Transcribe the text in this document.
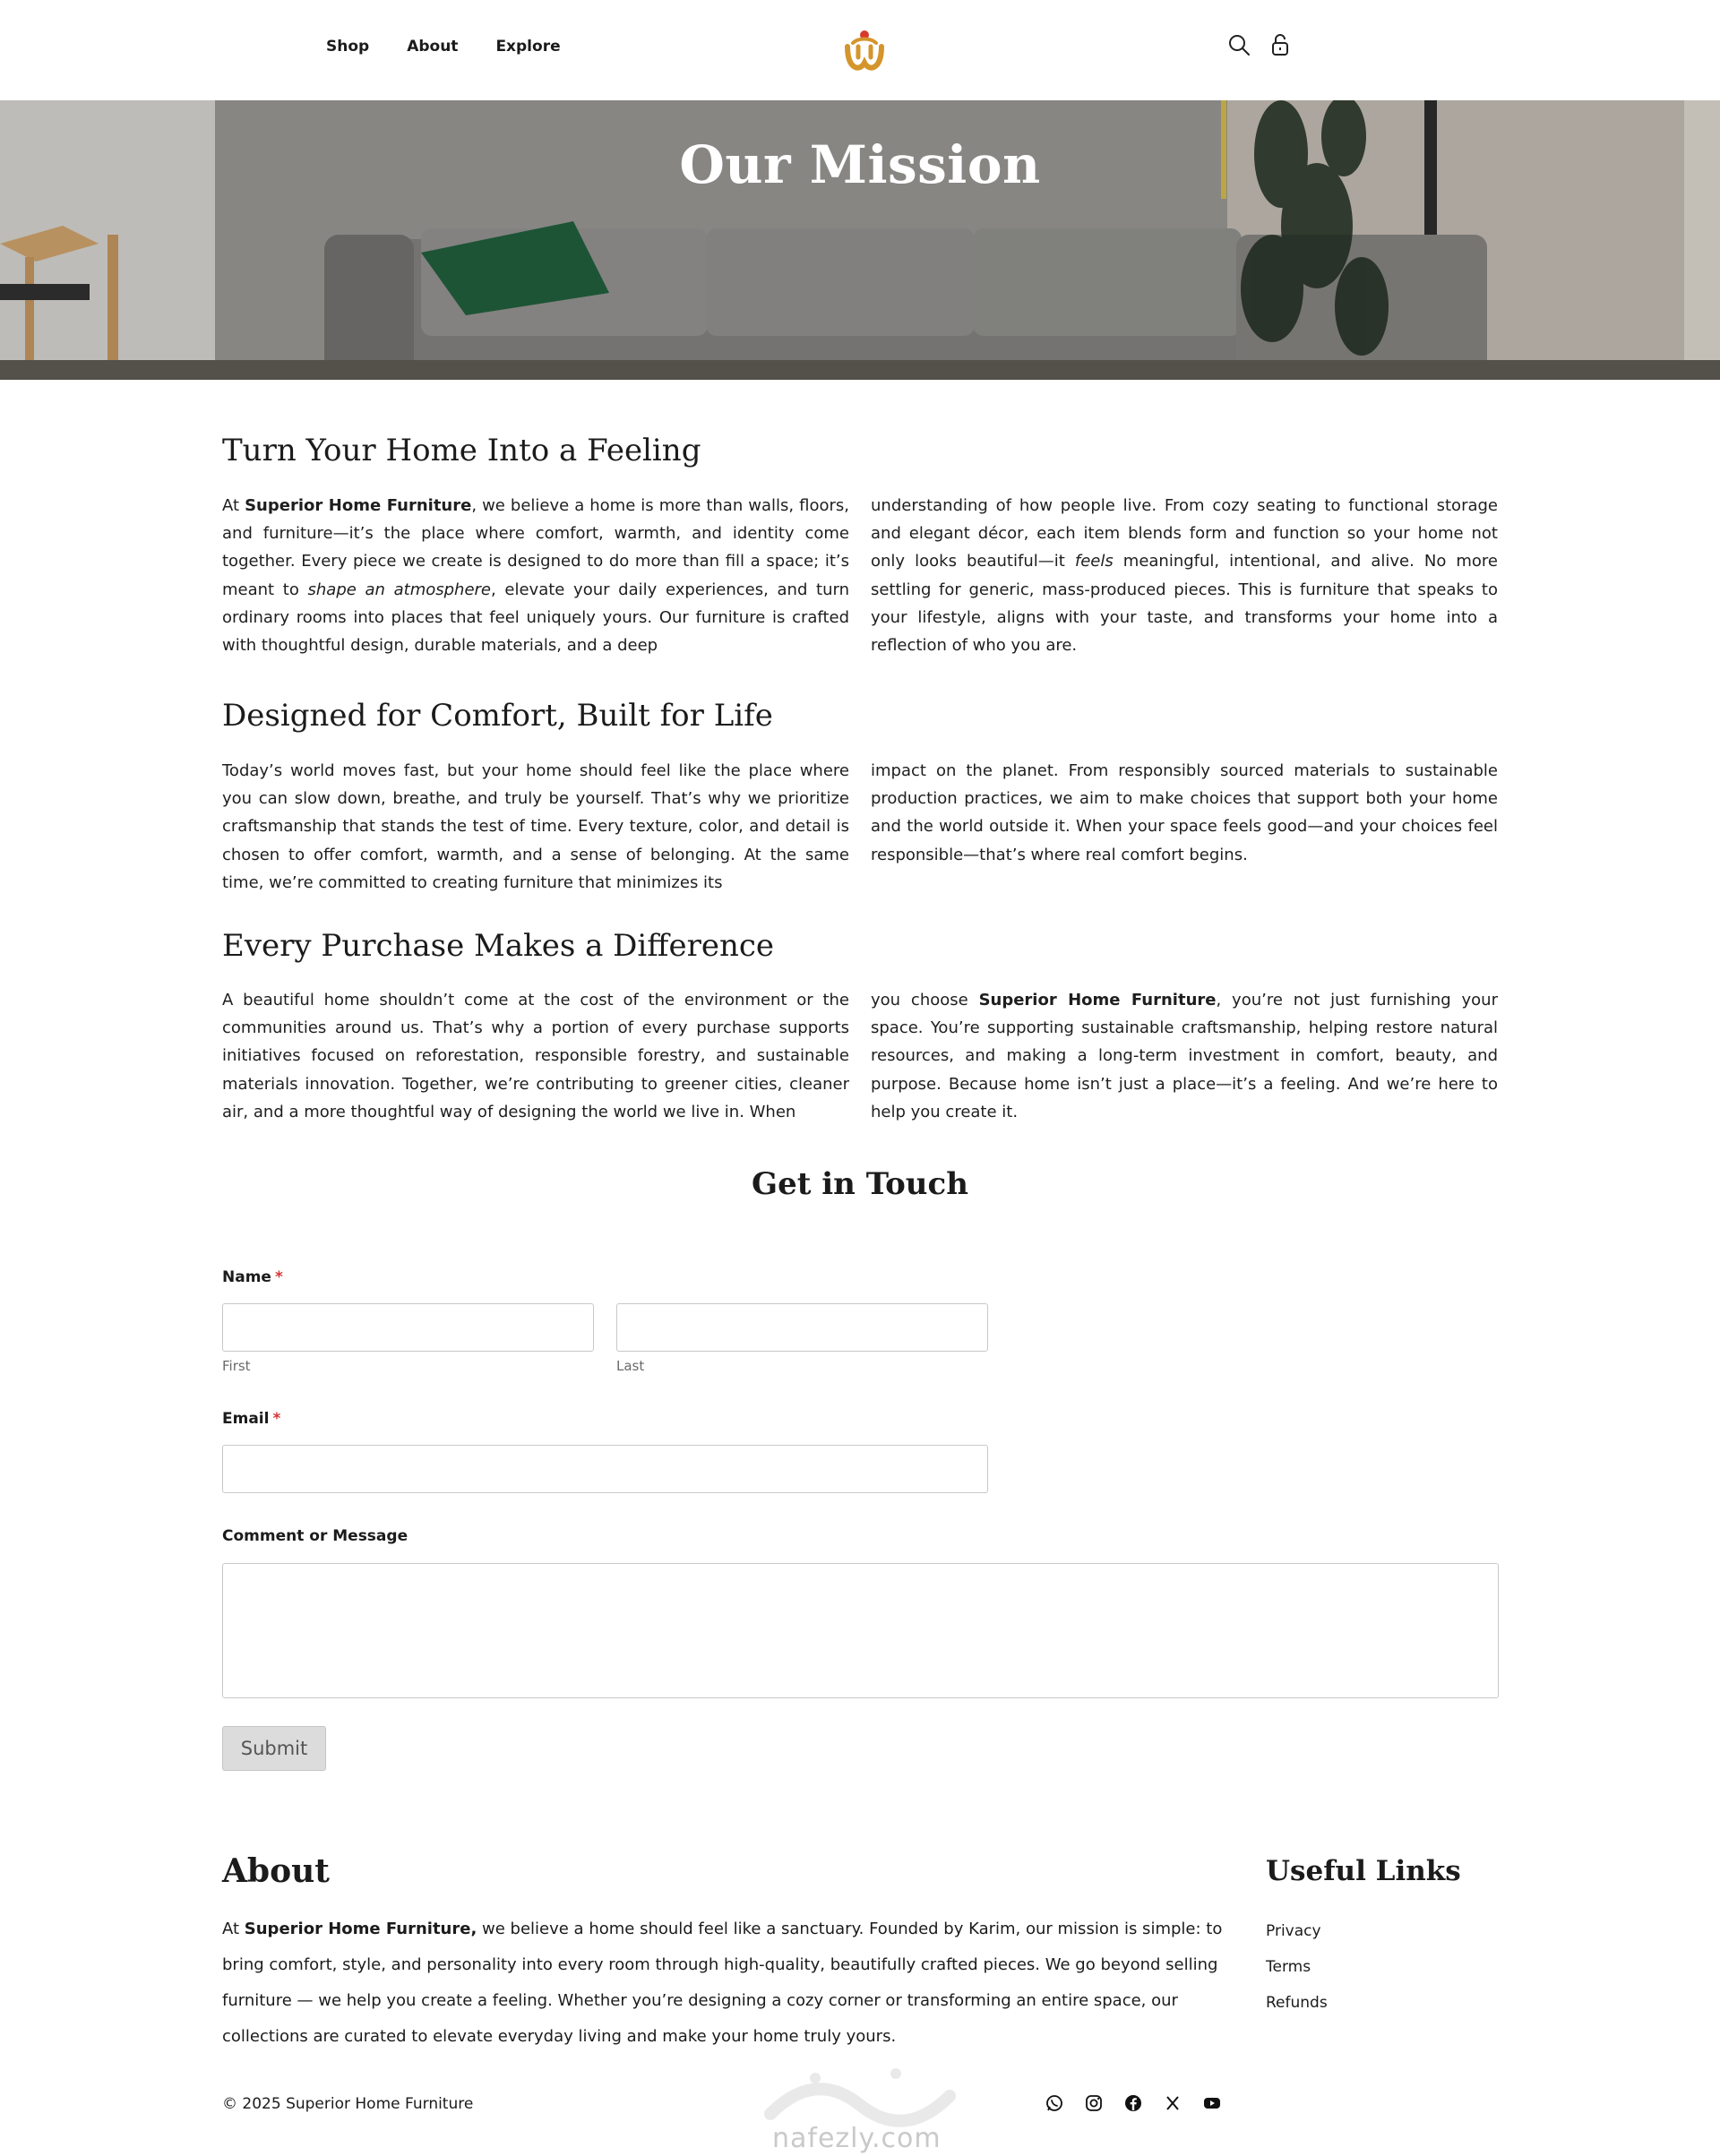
Shop About Explore
Our Mission
Turn Your Home Into a Feeling

At Superior Home Furniture, we believe a home is more than walls, floors, and furniture—it’s the place where comfort, warmth, and identity come together. Every piece we create is designed to do more than fill a space; it’s meant to shape an atmosphere, elevate your daily experiences, and turn ordinary rooms into places that feel uniquely yours. Our furniture is crafted with thoughtful design, durable materials, and a deep

understanding of how people live. From cozy seating to functional storage and elegant décor, each item blends form and function so your home not only looks beautiful—it feels meaningful, intentional, and alive. No more settling for generic, mass-produced pieces. This is furniture that speaks to your lifestyle, aligns with your taste, and transforms your home into a reflection of who you are.

Designed for Comfort, Built for Life

Today’s world moves fast, but your home should feel like the place where you can slow down, breathe, and truly be yourself. That’s why we prioritize craftsmanship that stands the test of time. Every texture, color, and detail is chosen to offer comfort, warmth, and a sense of belonging. At the same time, we’re committed to creating furniture that minimizes its

impact on the planet. From responsibly sourced materials to sustainable production practices, we aim to make choices that support both your home and the world outside it. When your space feels good—and your choices feel responsible—that’s where real comfort begins.

Every Purchase Makes a Difference

A beautiful home shouldn’t come at the cost of the environment or the communities around us. That’s why a portion of every purchase supports initiatives focused on reforestation, responsible forestry, and sustainable materials innovation. Together, we’re contributing to greener cities, cleaner air, and a more thoughtful way of designing the world we live in. When

you choose Superior Home Furniture, you’re not just furnishing your space. You’re supporting sustainable craftsmanship, helping restore natural resources, and making a long-term investment in comfort, beauty, and purpose. Because home isn’t just a place—it’s a feeling. And we’re here to help you create it.

Get in Touch
Name *
First	Last
Email *
Comment or Message
Submit
About

At Superior Home Furniture, we believe a home should feel like a sanctuary. Founded by Karim, our mission is simple: to bring comfort, style, and personality into every room through high-quality, beautifully crafted pieces. We go beyond selling furniture — we help you create a feeling. Whether you’re designing a cozy corner or transforming an entire space, our collections are curated to elevate everyday living and make your home truly yours.

Useful Links
Privacy
Terms
Refunds
© 2025 Superior Home Furniture
nafezly.com
